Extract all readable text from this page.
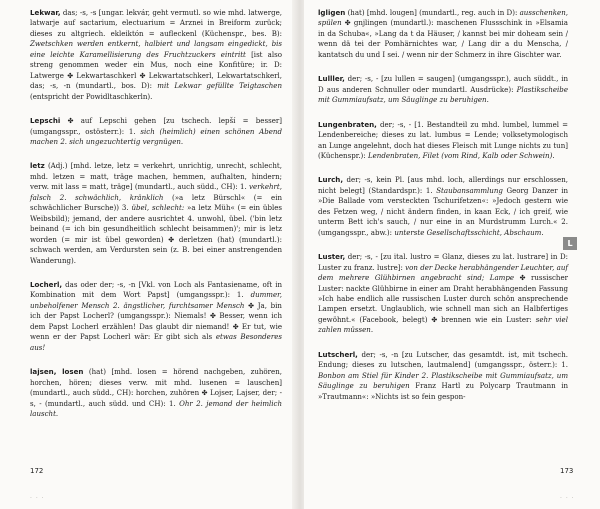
Lekwar, das; -s, -s [ungar. lekvár, geht vermutl. so wie mhd. latwerge, latwarje auf sactarium, electuarium = Arznei in Breiform zurück; dieses zu altgriech. ekleiktón = aufleckenl (Küchenspr., bes. B): Zwetschken werden entkernt, halbiert und langsam eingedickt, bis eine leichte Karamellisierung des Fruchtzuckers eintritt [ist also streng genommen weder ein Mus, noch eine Konfitüre; ir. D: Latwerge ✤ Lekwartaschkerl ✤ Lekwartatschkerl, Lekwartatschkerl, das; -s, -n (mundartl., bos. D): mit Lekwar gefüllte Teigtaschen (entspricht der Powidltaschkerln).

Lepschi ✤ auf Lepschi gehen [zu tschech. lepší = besser] (umgangsspr., ostösterr.): 1. sich (heimlich) einen schönen Abend machen 2. sich ungezuchtertig vergnügen.

letz (Adj.) [mhd. letze, letz = verkehrt, unrichtig, unrecht, schlecht, mhd. letzen = matt, träge machen, hemmen, aufhalten, hindern; verw. mit lass = matt, träge] (mundartl., auch südd., CH): 1. verkehrt, falsch 2. schwächlich, kränklich (»a letz Bürschl« (= ein schwächlicher Bursche)) 3. übel, schlecht: »a letz Müh« (= ein übles Weibsbild); jemand, der andere ausrichtet 4. unwohl, übel. ('bin letz beinand (= ich bin gesundheitlich schlecht beisammen)'; mir is letz worden (= mir ist übel geworden) ✤ derletzen (hat) (mundartl.): schwach werden, am Verdursten sein (z. B. bei einer anstrengenden Wanderung).

Locherl, das oder der; -s, -n [Vkl. von Loch als Fantasiename, oft in Kombination mit dem Wort Papst] (umgangsspr.): 1. dummer, unbeholfener Mensch 2. ängstlicher, furchtsamer Mensch ✤ Ja, bin ich der Papst Locherl? (umgangsspr.): Niemals! ✤ Besser, wenn ich dem Papst Locherl erzählen! Das glaubt dir niemand! ✤ Er tut, wie wenn er der Papst Locherl wär: Er gibt sich als etwas Besonderes aus!

lajsen, losen (hat) [mhd. losen = hörend nachgeben, zuhören, horchen, hören; dieses verw. mit mhd. lusenen = lauschen] (mundartl., auch südd., CH): horchen, zuhören ✤ Lojser, Lajser, der; -s, - (mundartl., auch südd. und CH): 1. Ohr 2. jemand der heimlich lauscht.

172
· · ·

lgligen (hat) [mhd. lougen] (mundartl., reg. auch in D): ausschenken, spülen ✤ gnjlingen (mundartl.): maschenen Flussschink in »Elsamia in da Schuba«, »Lang da t da Häuser, / kannst bei mir doheam sein / wenn dä tei der Pomhärnichtes war, / Lang dir a du Menscha, / kantatsch du und I sei. / wenn nir der Schmerz in ihre Gischter war.

Lulller, der; -s, - [zu lullen = saugen] (umgangsspr.), auch süddt., in D aus anderen Schnuller oder mundartl. Ausdrücke): Plastikscheibe mit Gummiaufsatz, um Säuglinge zu beruhigen.

Lungenbraten, der; -s, - [1. Bestandteil zu mhd. lumbel, lummel = Lendenbereiche; dieses zu lat. lumbus = Lende; volksetymologisch an Lunge angelehnt, doch hat dieses Fleisch mit Lunge nichts zu tun] (Küchenspr.): Lendenbraten, Filet (vom Rind, Kalb oder Schwein).

Lurch, der; -s, kein Pl. [aus mhd. loch, allerdings nur erschlossen, nicht belegt] (Standardspr.): 1. Staubansammlung Georg Danzer in »Die Ballade vom versteckten Tschurifetzen«: »Jedoch gestern wie des Fetzen weg, / nicht ändern finden, in kaan Eck, / ich greif, wie unterm Bett ich's sauch, / nur eine in an Murdstrumm Lurch.« 2. (umgangsspr., abw.): unterste Gesellschaftsschicht, Abschaum.

Luster, der; -s, - [zu ital. lustro = Glanz, dieses zu lat. lustrare] in D: Luster zu franz. lustre]: von der Decke herabhängender Leuchter, auf dem mehrere Glühbirnen angebracht sind; Lampe ✤ russischer Luster: nackte Glühbirne in einer am Draht herabhängenden Fassung »Ich habe endlich alle russischen Luster durch schön ansprechende Lampen ersetzt. Unglaublich, wie schnell man sich an Halbfertiges gewöhnt.« (Facebook, belegt) ✤ brennen wie ein Luster: sehr viel zahlen müssen.

Lutscherl, der; -s, -n [zu Lutscher, das gesamtdt. ist, mit tschech. Endung; dieses zu lutschen, lautmalend] (umgangsspr., österr.): 1. Bonbon am Stiel für Kinder 2. Plastikscheibe mit Gummiaufsatz, um Säuglinge zu beruhigen Franz Hartl zu Polycarp Trautmann in »Trautmann«: »Nichts ist so fein gespon-

173
· · ·
L
